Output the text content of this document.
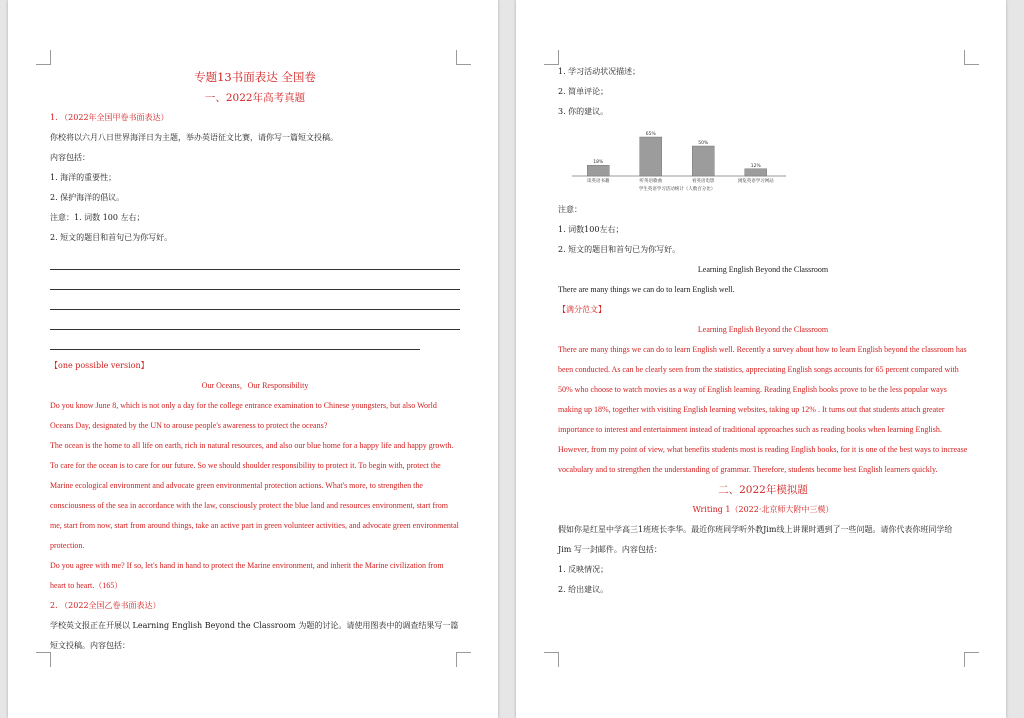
专题13书面表达 全国卷
一、2022年高考真题

1. （2022年全国甲卷书面表达）

你校将以六月八日世界海洋日为主题，举办英语征文比赛，请你写一篇短文投稿。

内容包括：

1. 海洋的重要性；

2. 保护海洋的倡议。

注意：1. 词数 100 左右；

2. 短文的题目和首句已为你写好。

【one possible version】

Our Oceans，Our Responsibility

Do you know June 8, which is not only a day for the college entrance examination to Chinese youngsters, but also World Oceans Day, designated by the UN to arouse people's awareness to protect the oceans?

The ocean is the home to all life on earth, rich in natural resources, and also our blue home for a happy life and happy growth. To care for the ocean is to care for our future. So we should shoulder responsibility to protect it. To begin with, protect the Marine ecological environment and advocate green environmental protection actions. What's more, to strengthen the consciousness of the sea in accordance with the law, consciously protect the blue land and resources environment, start from me, start from now, start from around things, take an active part in green volunteer activities, and advocate green environmental protection.

Do you agree with me? If so, let's hand in hand to protect the Marine environment, and inherit the Marine civilization from heart to heart.（165）

2. （2022全国乙卷书面表达）

学校英文报正在开展以 Learning English Beyond the Classroom 为题的讨论。请使用图表中的调查结果写一篇短文投稿。内容包括：

1. 学习活动状况描述；

2. 简单评论；

3. 你的建议。

18%
读英语书籍
65%
听英语歌曲
50%
看英语电影
12%
浏览英语学习网站
学生英语学习活动统计（人数百分比）

注意：

1. 词数100左右；

2. 短文的题目和首句已为你写好。

Learning English Beyond the Classroom

There are many things we can do to learn English well.

【满分范文】

Learning English Beyond the Classroom

There are many things we can do to learn English well. Recently a survey about how to learn English beyond the classroom has been conducted. As can be clearly seen from the statistics, appreciating English songs accounts for 65 percent compared with 50% who choose to watch movies as a way of English learning. Reading English books prove to be the less popular ways making up 18%, together with visiting English learning websites, taking up 12% . It turns out that students attach greater importance to interest and entertainment instead of traditional approaches such as reading books when learning English.

However, from my point of view, what benefits students most is reading English books, for it is one of the best ways to increase vocabulary and to strengthen the understanding of grammar. Therefore, students become best English learners quickly.

二、2022年模拟题

Writing 1（2022·北京师大附中三模）

假如你是红星中学高三1班班长李华。最近你班同学听外教Jim线上讲课时遇到了一些问题。请你代表你班同学给 Jim 写一封邮件。内容包括：

1. 反映情况；

2. 给出建议。
